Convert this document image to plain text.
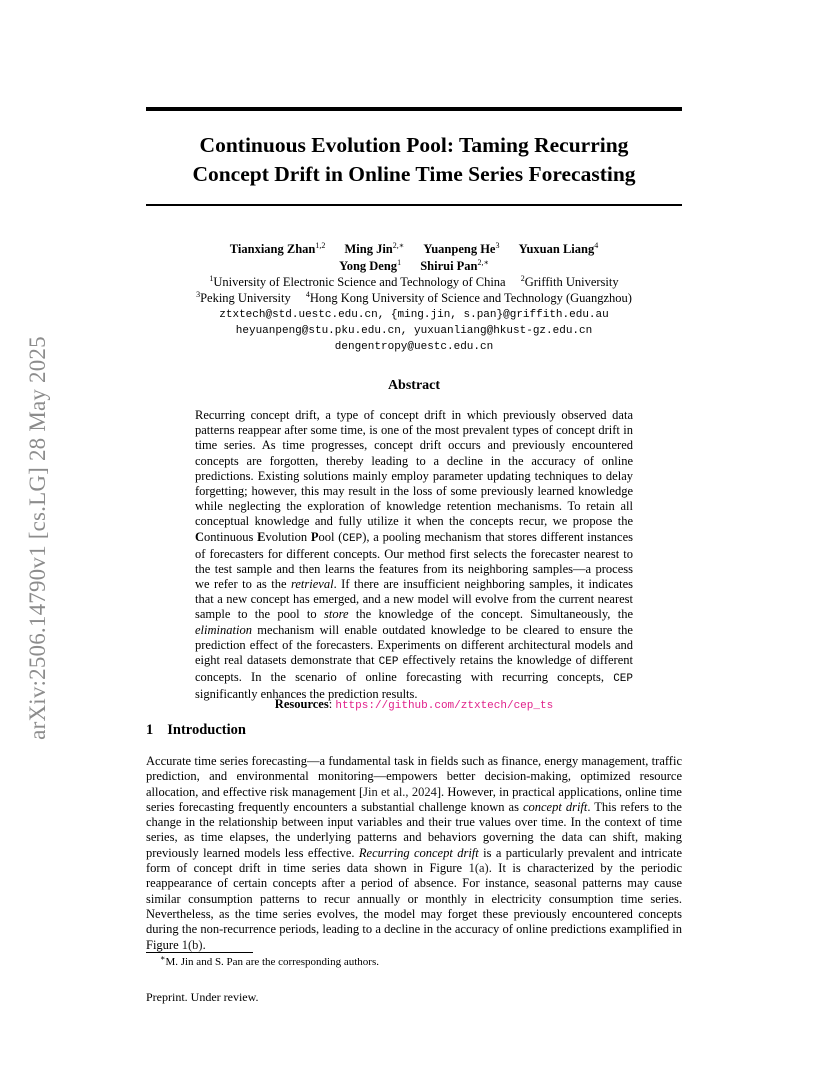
Continuous Evolution Pool: Taming Recurring
Concept Drift in Online Time Series Forecasting
arXiv:2506.14790v1 [cs.LG] 28 May 2025
Tianxiang Zhan$^{1,2}$ Ming Jin$^{2,∗}$ Yuanpeng He$^3$ Yuxuan Liang$^4$
Yong Deng$^1$ Shirui Pan$^{2,∗}$
$^1$University of Electronic Science and Technology of China $^2$Griffith University
$^3$Peking University $^4$Hong Kong University of Science and Technology (Guangzhou)
ztxtech@std.uestc.edu.cn, {ming.jin, s.pan}@griffith.edu.au
heyuanpeng@stu.pku.edu.cn, yuxuanliang@hkust-gz.edu.cn
dengentropy@uestc.edu.cn
Abstract
Recurring concept drift, a type of concept drift in which previously observed data patterns reappear after some time, is one of the most prevalent types of concept drift in time series. As time progresses, concept drift occurs and previously encountered concepts are forgotten, thereby leading to a decline in the accuracy of online predictions. Existing solutions mainly employ parameter updating techniques to delay forgetting; however, this may result in the loss of some previously learned knowledge while neglecting the exploration of knowledge retention mechanisms. To retain all conceptual knowledge and fully utilize it when the concepts recur, we propose the Continuous Evolution Pool (CEP), a pooling mechanism that stores different instances of forecasters for different concepts. Our method first selects the forecaster nearest to the test sample and then learns the features from its neighboring samples—a process we refer to as the retrieval. If there are insufficient neighboring samples, it indicates that a new concept has emerged, and a new model will evolve from the current nearest sample to the pool to store the knowledge of the concept. Simultaneously, the elimination mechanism will enable outdated knowledge to be cleared to ensure the prediction effect of the forecasters. Experiments on different architectural models and eight real datasets demonstrate that CEP effectively retains the knowledge of different concepts. In the scenario of online forecasting with recurring concepts, CEP significantly enhances the prediction results.
Resources: https://github.com/ztxtech/cep_ts
1 Introduction
Accurate time series forecasting—a fundamental task in fields such as finance, energy management, traffic prediction, and environmental monitoring—empowers better decision-making, optimized resource allocation, and effective risk management [Jin et al., 2024]. However, in practical applications, online time series forecasting frequently encounters a substantial challenge known as concept drift. This refers to the change in the relationship between input variables and their true values over time. In the context of time series, as time elapses, the underlying patterns and behaviors governing the data can shift, making previously learned models less effective. Recurring concept drift is a particularly prevalent and intricate form of concept drift in time series data shown in Figure 1(a). It is characterized by the periodic reappearance of certain concepts after a period of absence. For instance, seasonal patterns may cause similar consumption patterns to recur annually or monthly in electricity consumption time series. Nevertheless, as the time series evolves, the model may forget these previously encountered concepts during the non-recurrence periods, leading to a decline in the accuracy of online predictions examplified in Figure 1(b).
∗M. Jin and S. Pan are the corresponding authors.
Preprint. Under review.
